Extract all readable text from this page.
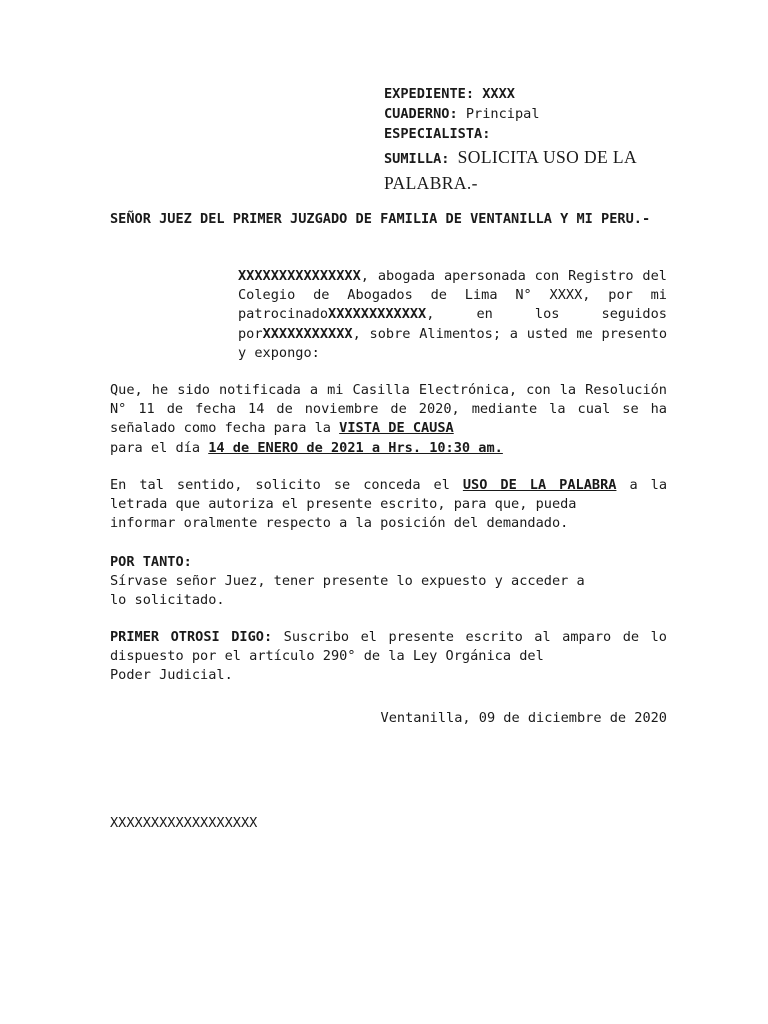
EXPEDIENTE: XXXX
CUADERNO: Principal
ESPECIALISTA:
SUMILLA: SOLICITA USO DE LA
PALABRA.-

SEÑOR JUEZ DEL PRIMER JUZGADO DE FAMILIA DE VENTANILLA Y MI PERU.-

XXXXXXXXXXXXXXX, abogada apersonada con Registro del Colegio de Abogados de Lima N° XXXX, por mi patrocinadoXXXXXXXXXXXX, en los seguidos porXXXXXXXXXXX, sobre Alimentos; a usted me presento y expongo:

Que, he sido notificada a mi Casilla Electrónica, con la Resolución N° 11 de fecha 14 de noviembre de 2020, mediante la cual se ha señalado como fecha para la VISTA DE CAUSA
para el día 14 de ENERO de 2021 a Hrs. 10:30 am.

En tal sentido, solicito se conceda el USO DE LA PALABRA a la letrada que autoriza el presente escrito, para que, pueda
informar oralmente respecto a la posición del demandado.

POR TANTO:
Sírvase señor Juez, tener presente lo expuesto y acceder a
lo solicitado.

PRIMER OTROSI DIGO: Suscribo el presente escrito al amparo de lo dispuesto por el artículo 290° de la Ley Orgánica del
Poder Judicial.

Ventanilla, 09 de diciembre de 2020

XXXXXXXXXXXXXXXXXX
